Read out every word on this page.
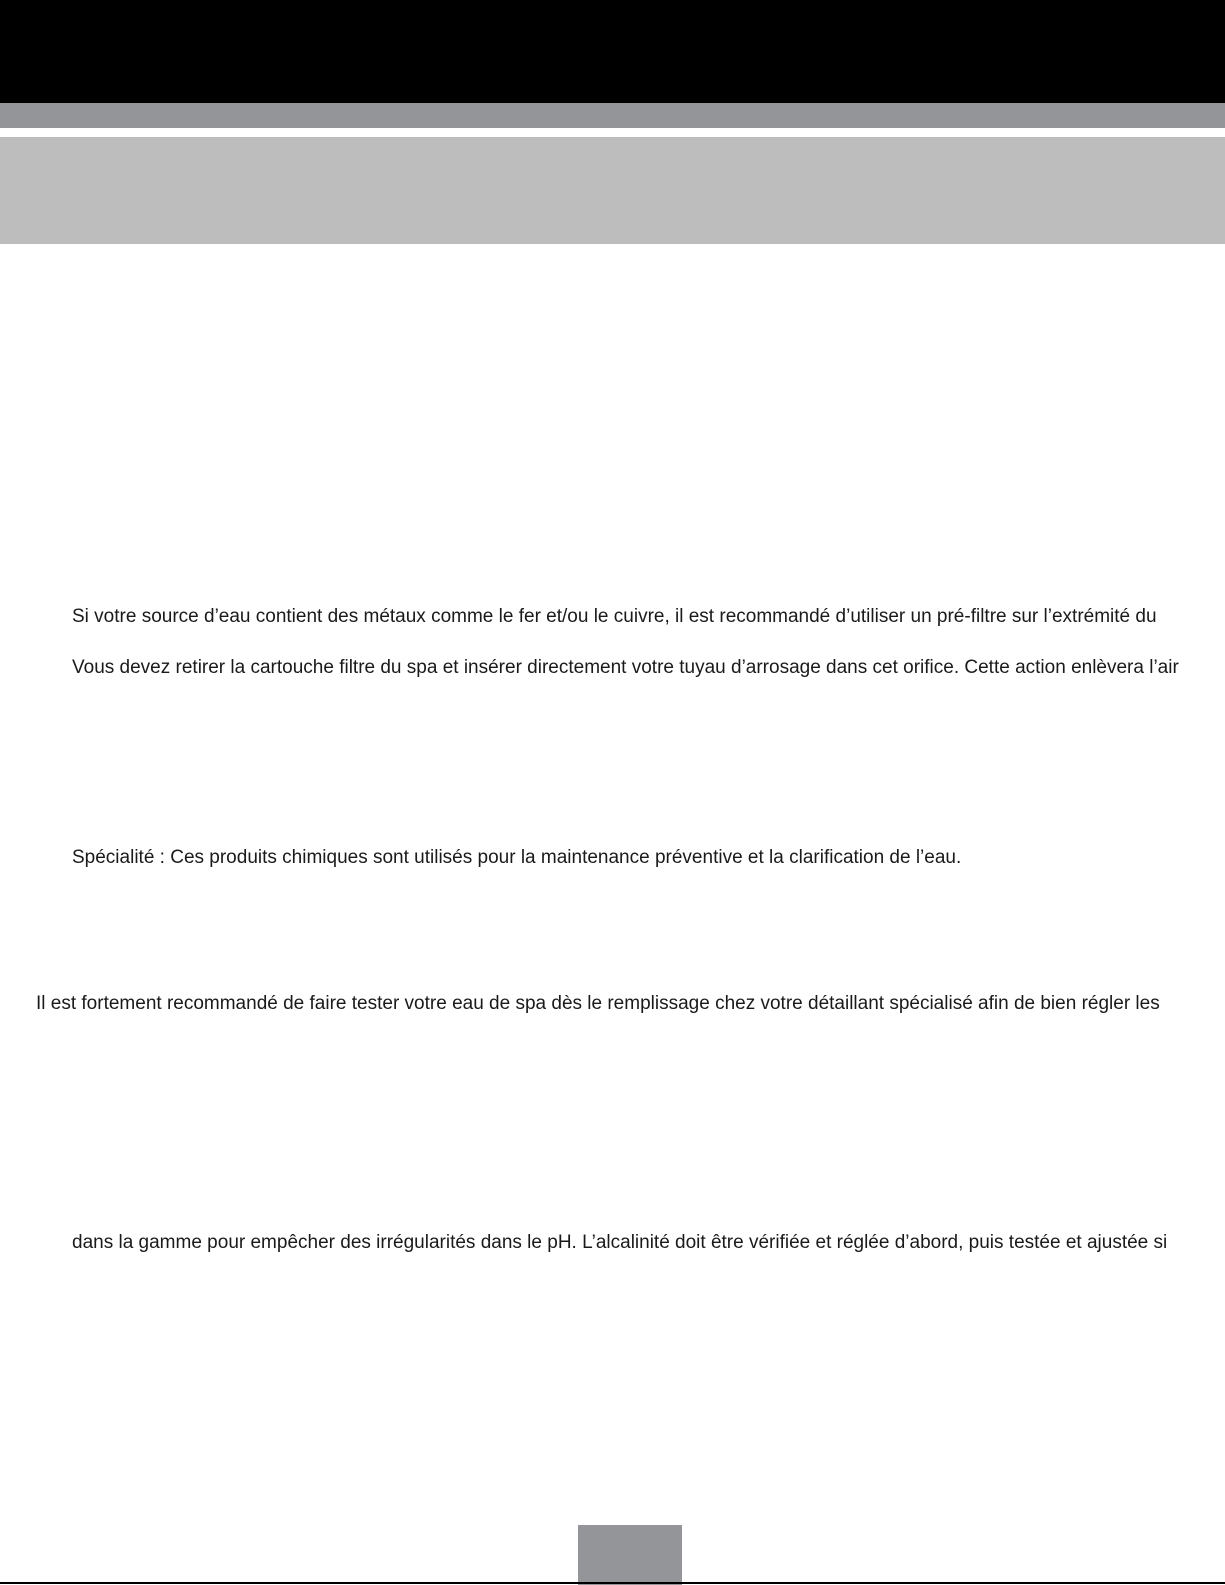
Si votre source d’eau contient des métaux comme le fer et/ou le cuivre, il est recommandé d’utiliser un pré-filtre sur l’extrémité du
Vous devez retirer la cartouche filtre du spa et insérer directement votre tuyau d’arrosage dans cet orifice. Cette action enlèvera l’air
Spécialité : Ces produits chimiques sont utilisés pour la maintenance préventive et la clarification de l’eau.
Il est fortement recommandé de faire tester votre eau de spa dès le remplissage chez votre détaillant spécialisé afin de bien régler les
dans la gamme pour empêcher des irrégularités dans le pH. L’alcalinité doit être vérifiée et réglée d’abord, puis testée et ajustée si
